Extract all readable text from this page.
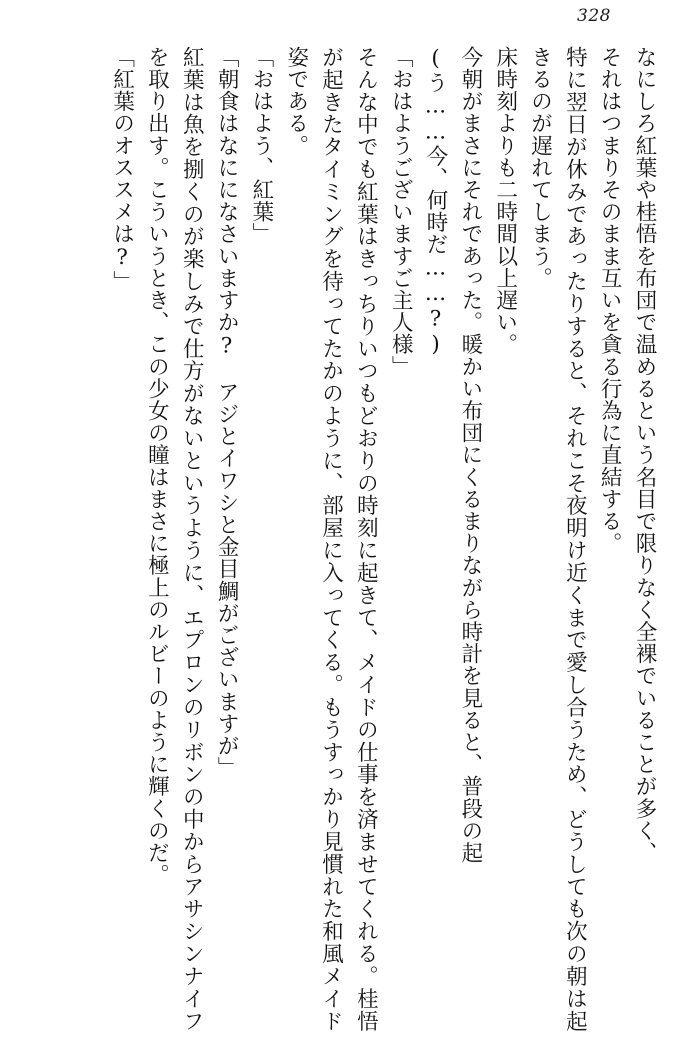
328

なにしろ紅葉や桂悟を布団で温めるという名目で限りなく全裸でいることが多く、

それはつまりそのまま互いを貪る行為に直結する。

特に翌日が休みであったりすると、それこそ夜明け近くまで愛し合うため、どうしても次の朝は起きるのが遅れてしまう。

床時刻よりも二時間以上遅い。

今朝がまさにそれであった。暖かい布団にくるまりながら時計を見ると、普段の起

(う……今、何時だ……?)

「おはようございますご主人様」

そんな中でも紅葉はきっちりいつもどおりの時刻に起きて、メイドの仕事を済ませてくれる。桂悟が起きたタイミングを待ってたかのように、部屋に入ってくる。もうすっかり見慣れた和風メイド姿である。

「おはよう、紅葉」

「朝食はなにになさいますか?　アジとイワシと金目鯛がございますが」

紅葉は魚を捌くのが楽しみで仕方がないというように、エプロンのリボンの中からアサシンナイフを取り出す。こういうとき、この少女の瞳はまさに極上のルビーのように輝くのだ。

「紅葉のオススメは?」
